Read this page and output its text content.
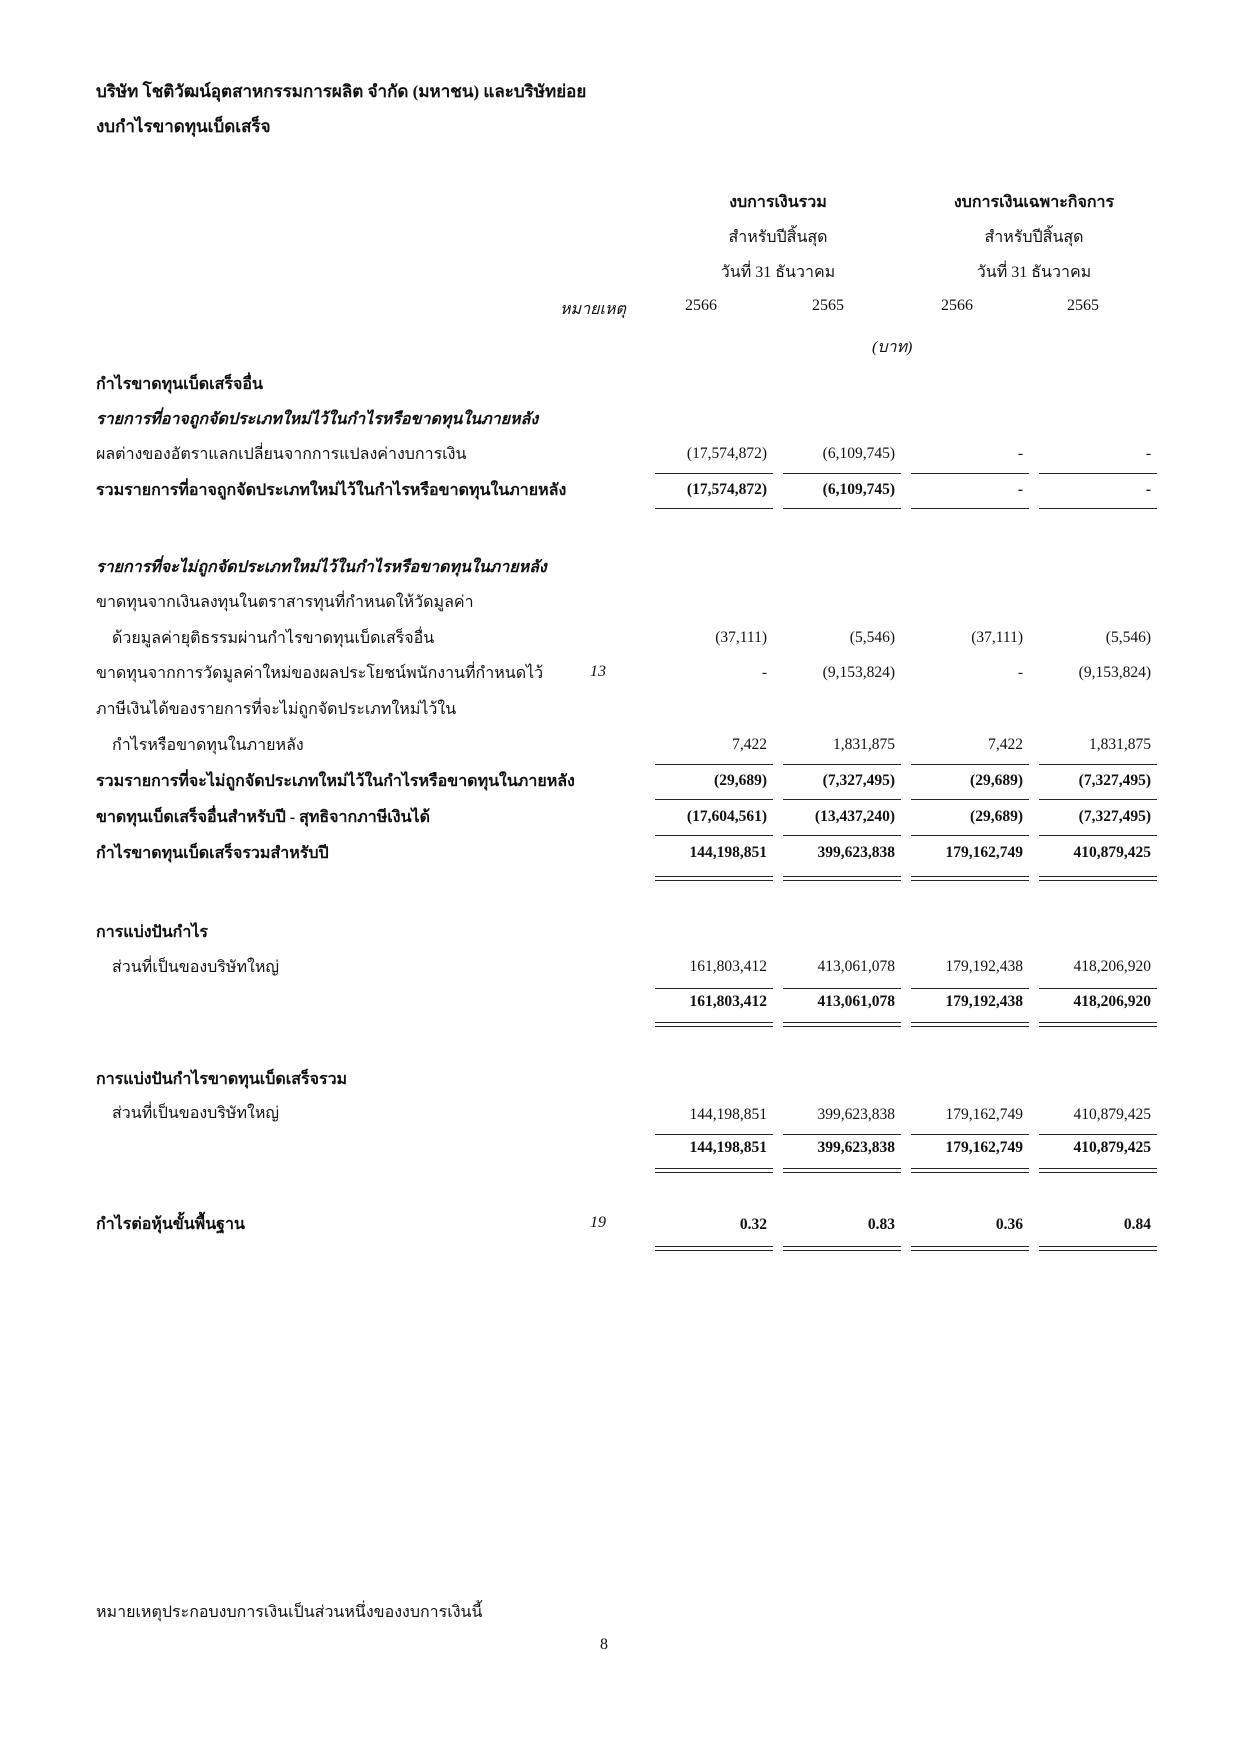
บริษัท โชติวัฒน์อุตสาหกรรมการผลิต จำกัด (มหาชน) และบริษัทย่อย
งบกำไรขาดทุนเบ็ดเสร็จ
งบการเงินรวม
สำหรับปีสิ้นสุด
วันที่ 31 ธันวาคม
งบการเงินเฉพาะกิจการ
สำหรับปีสิ้นสุด
วันที่ 31 ธันวาคม
หมายเหตุ	2566	2565	2566	2565
(บาท)
กำไรขาดทุนเบ็ดเสร็จอื่น
รายการที่อาจถูกจัดประเภทใหม่ไว้ในกำไรหรือขาดทุนในภายหลัง
ผลต่างของอัตราแลกเปลี่ยนจากการแปลงค่างบการเงิน	(17,574,872)	(6,109,745)	-	-
รวมรายการที่อาจถูกจัดประเภทใหม่ไว้ในกำไรหรือขาดทุนในภายหลัง	(17,574,872)	(6,109,745)	-	-
รายการที่จะไม่ถูกจัดประเภทใหม่ไว้ในกำไรหรือขาดทุนในภายหลัง
ขาดทุนจากเงินลงทุนในตราสารทุนที่กำหนดให้วัดมูลค่า
ด้วยมูลค่ายุติธรรมผ่านกำไรขาดทุนเบ็ดเสร็จอื่น	(37,111)	(5,546)	(37,111)	(5,546)
ขาดทุนจากการวัดมูลค่าใหม่ของผลประโยชน์พนักงานที่กำหนดไว้	13	-	(9,153,824)	-	(9,153,824)
ภาษีเงินได้ของรายการที่จะไม่ถูกจัดประเภทใหม่ไว้ใน
กำไรหรือขาดทุนในภายหลัง	7,422	1,831,875	7,422	1,831,875
รวมรายการที่จะไม่ถูกจัดประเภทใหม่ไว้ในกำไรหรือขาดทุนในภายหลัง	(29,689)	(7,327,495)	(29,689)	(7,327,495)
ขาดทุนเบ็ดเสร็จอื่นสำหรับปี - สุทธิจากภาษีเงินได้	(17,604,561)	(13,437,240)	(29,689)	(7,327,495)
กำไรขาดทุนเบ็ดเสร็จรวมสำหรับปี	144,198,851	399,623,838	179,162,749	410,879,425
การแบ่งปันกำไร
ส่วนที่เป็นของบริษัทใหญ่	161,803,412	413,061,078	179,192,438	418,206,920
161,803,412	413,061,078	179,192,438	418,206,920
การแบ่งปันกำไรขาดทุนเบ็ดเสร็จรวม
ส่วนที่เป็นของบริษัทใหญ่	144,198,851	399,623,838	179,162,749	410,879,425
144,198,851	399,623,838	179,162,749	410,879,425
กำไรต่อหุ้นขั้นพื้นฐาน	19	0.32	0.83	0.36	0.84
หมายเหตุประกอบงบการเงินเป็นส่วนหนึ่งของงบการเงินนี้
8
